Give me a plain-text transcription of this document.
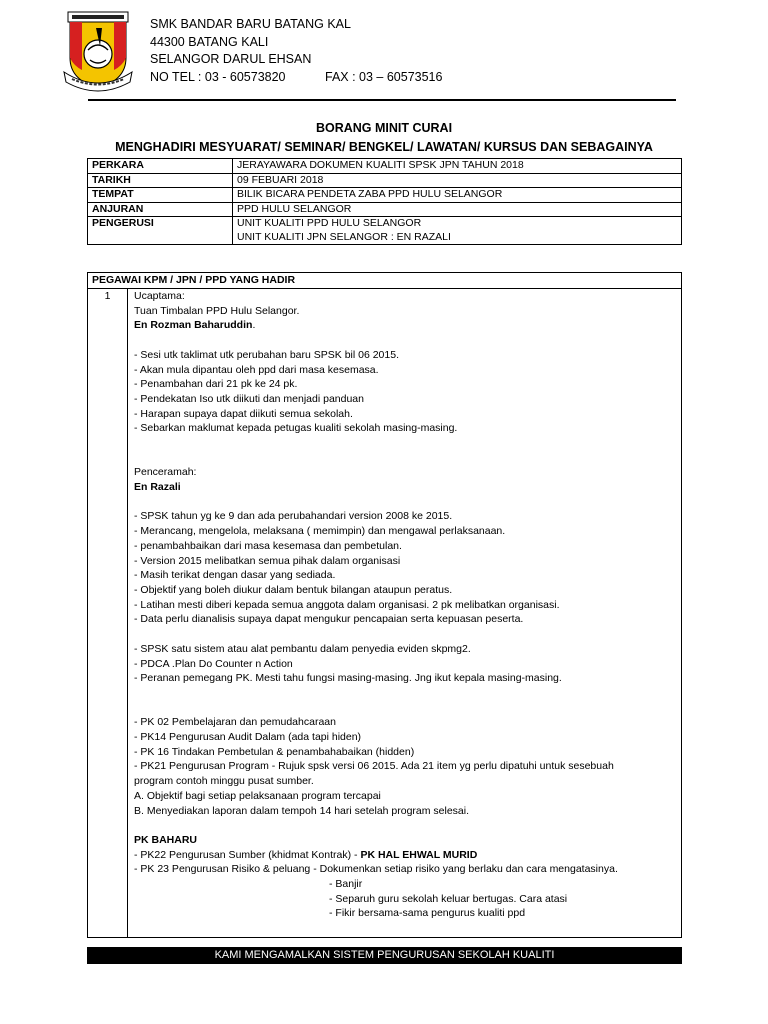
SMK BANDAR BARU BATANG KAL
44300 BATANG KALI
SELANGOR DARUL EHSAN
NO TEL : 03 - 60573820	FAX : 03 – 60573516
BORANG MINIT CURAI
MENGHADIRI MESYUARAT/ SEMINAR/ BENGKEL/ LAWATAN/ KURSUS DAN SEBAGAINYA
PERKARA	JERAYAWARA DOKUMEN KUALITI SPSK JPN TAHUN 2018

TARIKH	09 FEBUARI 2018

TEMPAT	BILIK BICARA PENDETA ZABA PPD HULU SELANGOR

ANJURAN	PPD HULU SELANGOR

PENGERUSI	UNIT KUALITI PPD HULU SELANGOR
UNIT KUALITI JPN SELANGOR : EN RAZALI
PEGAWAI KPM / JPN / PPD YANG HADIR
1	Ucaptama:
Tuan Timbalan PPD Hulu Selangor.
En Rozman Baharuddin.
- Sesi utk taklimat utk perubahan baru SPSK bil 06 2015.
- Akan mula dipantau oleh ppd dari masa kesemasa.
- Penambahan dari 21 pk ke 24 pk.
- Pendekatan Iso utk diikuti dan menjadi panduan
- Harapan supaya dapat diikuti semua sekolah.
- Sebarkan maklumat kepada petugas kualiti sekolah masing-masing.
Penceramah:
En Razali
- SPSK tahun yg ke 9 dan ada perubahandari version 2008 ke 2015.
- Merancang, mengelola, melaksana ( memimpin) dan mengawal perlaksanaan.
- penambahbaikan dari masa kesemasa dan pembetulan.
- Version 2015 melibatkan semua pihak dalam organisasi
- Masih terikat dengan dasar yang sediada.
- Objektif yang boleh diukur dalam bentuk bilangan ataupun peratus.
- Latihan mesti diberi kepada semua anggota dalam organisasi. 2 pk melibatkan organisasi.
- Data perlu dianalisis supaya dapat mengukur pencapaian serta kepuasan peserta.
- SPSK satu sistem atau alat pembantu dalam penyedia eviden skpmg2.
- PDCA .Plan Do Counter n Action
- Peranan pemegang PK. Mesti tahu fungsi masing-masing. Jng ikut kepala masing-masing.
- PK 02 Pembelajaran dan pemudahcaraan
- PK14 Pengurusan Audit Dalam (ada tapi hiden)
- PK 16 Tindakan Pembetulan & penambahabaikan (hidden)
- PK21 Pengurusan Program - Rujuk spsk versi 06 2015. Ada 21 item yg perlu dipatuhi untuk sesebuah
program contoh minggu pusat sumber.
A. Objektif bagi setiap pelaksanaan program tercapai
B. Menyediakan laporan dalam tempoh 14 hari setelah program selesai.
PK BAHARU
- PK22 Pengurusan Sumber (khidmat Kontrak) - PK HAL EHWAL MURID
- PK 23 Pengurusan Risiko & peluang - Dokumenkan setiap risiko yang berlaku dan cara mengatasinya.
- Banjir
- Separuh guru sekolah keluar bertugas. Cara atasi
- Fikir bersama-sama pengurus kualiti ppd
KAMI MENGAMALKAN SISTEM PENGURUSAN SEKOLAH KUALITI
